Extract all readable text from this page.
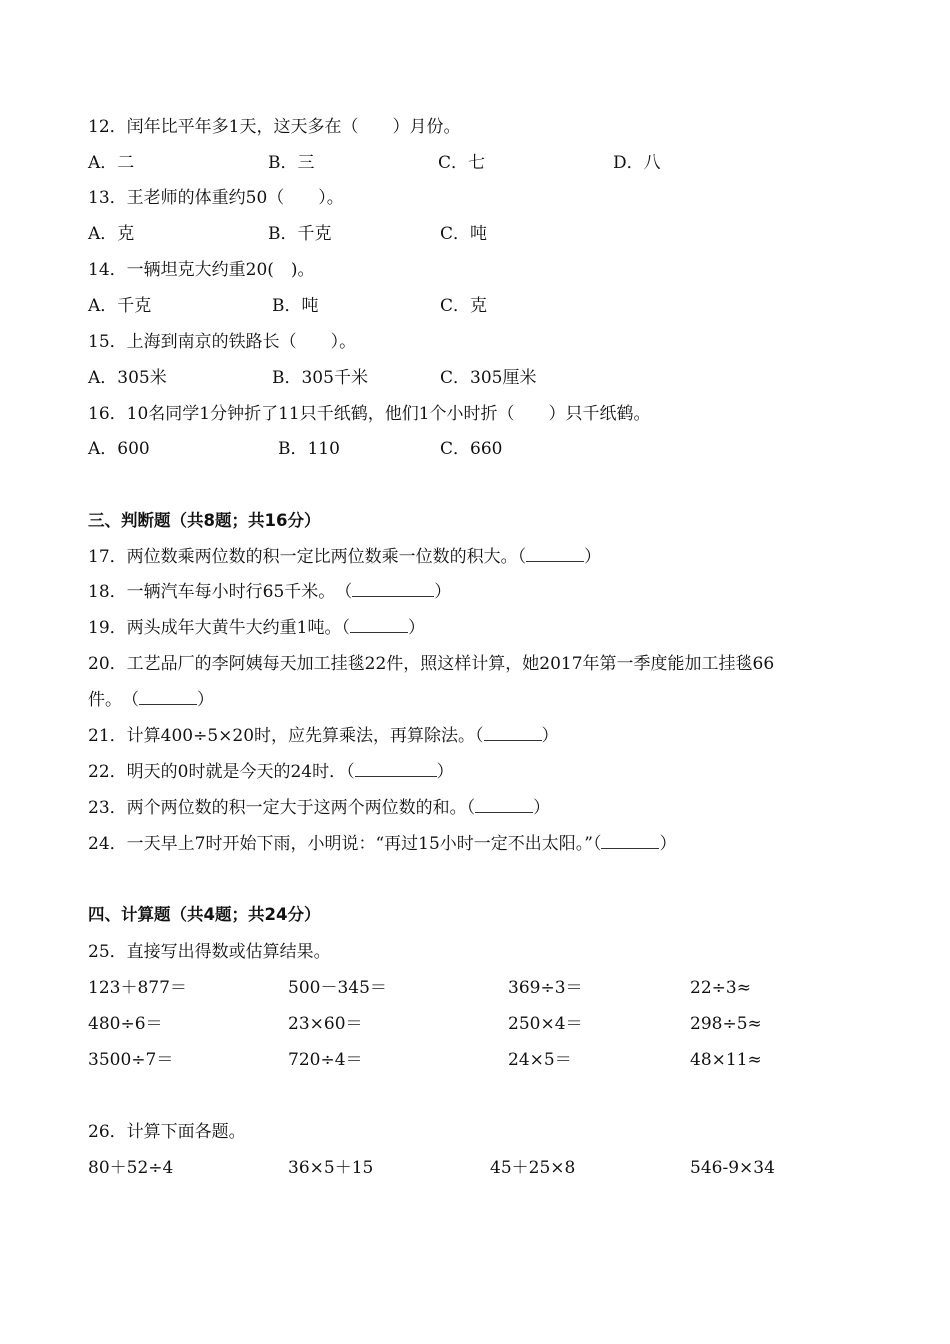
12．闰年比平年多1天，这天多在（　　）月份。
A．二	B．三	C．七	D．八
13．王老师的体重约50（　　）。
A．克	B．千克	C．吨
14．一辆坦克大约重20(　)。
A．千克	B．吨	C．克
15．上海到南京的铁路长（　　）。
A．305米	B．305千米	C．305厘米
16．10名同学1分钟折了11只千纸鹤，他们1个小时折（　　）只千纸鹤。
A．600	B．110	C．660
三、判断题（共8题；共16分）
17．两位数乘两位数的积一定比两位数乘一位数的积大。（	）
18．一辆汽车每小时行65千米。　（	）
19．两头成年大黄牛大约重1吨。（	）
20．工艺品厂的李阿姨每天加工挂毯22件，照这样计算，她2017年第一季度能加工挂毯66
件。　（	）
21．计算400÷5×20时，应先算乘法，再算除法。（	）
22．明天的0时就是今天的24时．（	）
23．两个两位数的积一定大于这两个两位数的和。（	）
24．一天早上7时开始下雨，小明说：“再过15小时一定不出太阳。”（	）
四、计算题（共4题；共24分）
25．直接写出得数或估算结果。
123＋877＝	500－345＝	369÷3＝	22÷3≈
480÷6＝	23×60＝	250×4＝	298÷5≈
3500÷7＝	720÷4＝	24×5＝	48×11≈
26．计算下面各题。
80＋52÷4	36×5＋15	45＋25×8	546-9×34
